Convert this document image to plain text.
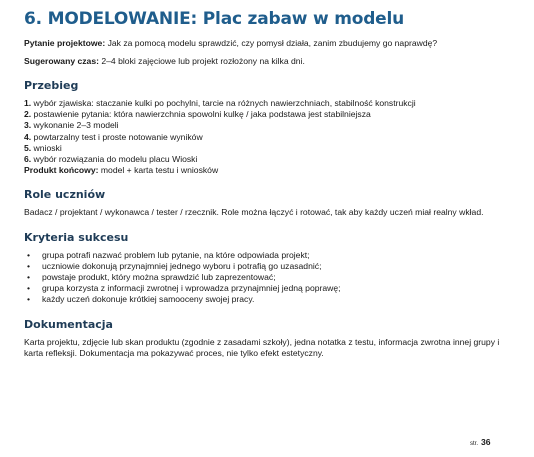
6. MODELOWANIE: Plac zabaw w modelu

Pytanie projektowe: Jak za pomocą modelu sprawdzić, czy pomysł działa, zanim zbudujemy go naprawdę?

Sugerowany czas: 2–4 bloki zajęciowe lub projekt rozłożony na kilka dni.

Przebieg
1. wybór zjawiska: staczanie kulki po pochylni, tarcie na różnych nawierzchniach, stabilność konstrukcji
2. postawienie pytania: która nawierzchnia spowolni kulkę / jaka podstawa jest stabilniejsza
3. wykonanie 2–3 modeli
4. powtarzalny test i proste notowanie wyników
5. wnioski
6. wybór rozwiązania do modelu placu Wioski

Produkt końcowy: model + karta testu i wniosków

Role uczniów

Badacz / projektant / wykonawca / tester / rzecznik. Role można łączyć i rotować, tak aby każdy uczeń miał realny wkład.

Kryteria sukcesu
• grupa potrafi nazwać problem lub pytanie, na które odpowiada projekt;
• uczniowie dokonują przynajmniej jednego wyboru i potrafią go uzasadnić;
• powstaje produkt, który można sprawdzić lub zaprezentować;
• grupa korzysta z informacji zwrotnej i wprowadza przynajmniej jedną poprawę;
• każdy uczeń dokonuje krótkiej samooceny swojej pracy.
Dokumentacja

Karta projektu, zdjęcie lub skan produktu (zgodnie z zasadami szkoły), jedna notatka z testu, informacja zwrotna innej grupy i karta refleksji. Dokumentacja ma pokazywać proces, nie tylko efekt estetyczny.

str. 36
